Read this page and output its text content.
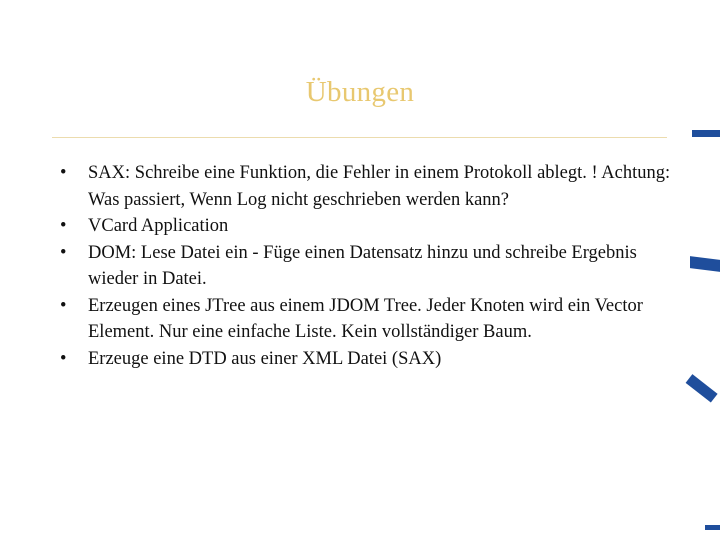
Übungen
• SAX: Schreibe eine Funktion, die Fehler in einem Protokoll ablegt. ! Achtung: Was passiert, Wenn Log nicht geschrieben werden kann?
• VCard Application
• DOM: Lese Datei ein - Füge einen Datensatz hinzu und schreibe Ergebnis wieder in Datei.
• Erzeugen eines JTree aus einem JDOM Tree. Jeder Knoten wird ein Vector Element. Nur eine einfache Liste. Kein vollständiger Baum.
• Erzeuge eine DTD aus einer XML Datei (SAX)
